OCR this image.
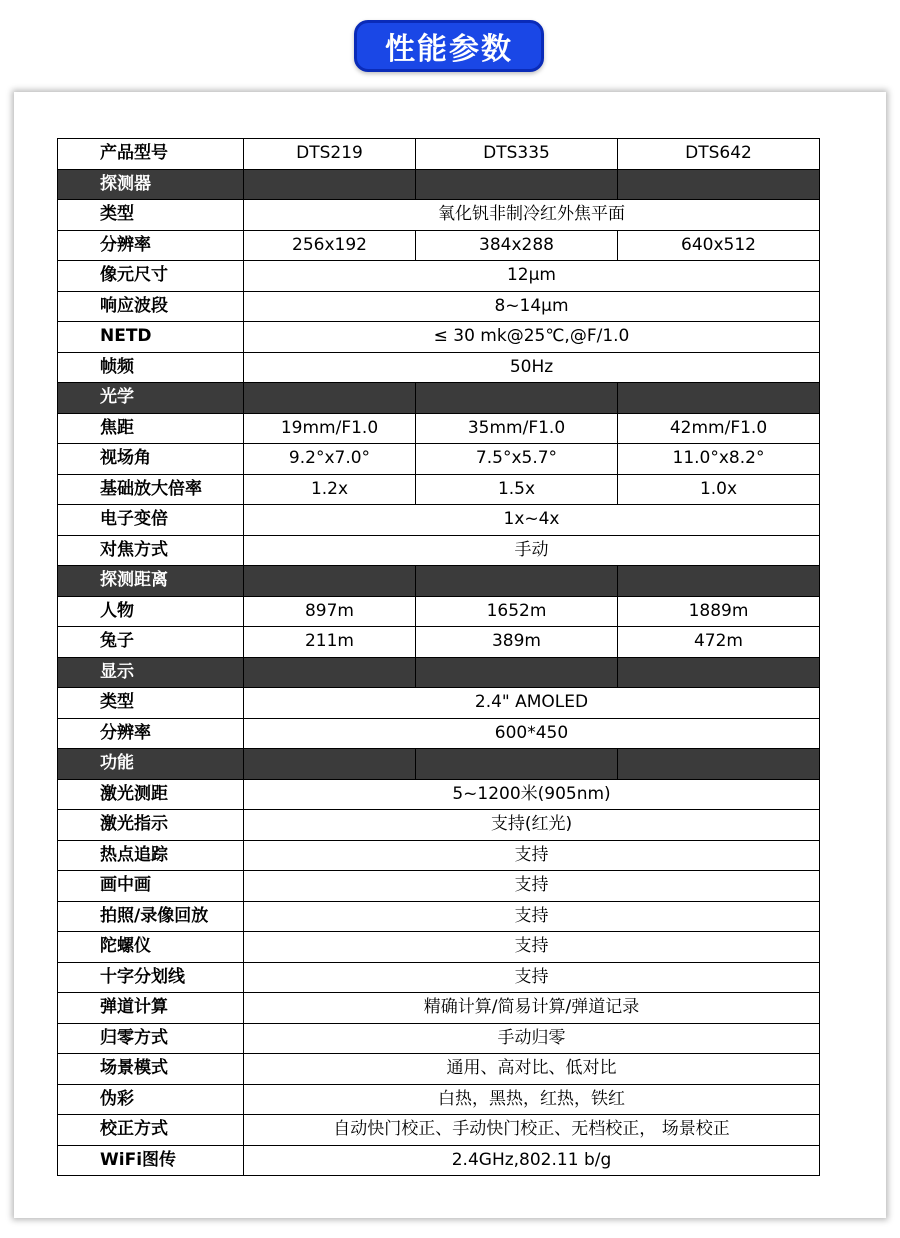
性能参数
产品型号	DTS219	DTS335	DTS642
探测器			
类型	氧化钒非制冷红外焦平面		
分辨率	256x192	384x288	640x512
像元尺寸	12μm		
响应波段	8~14μm		
NETD	≤ 30 mk@25℃,@F/1.0		
帧频	50Hz		
光学			
焦距	19mm/F1.0	35mm/F1.0	42mm/F1.0
视场角	9.2°x7.0°	7.5°x5.7°	11.0°x8.2°
基础放大倍率	1.2x	1.5x	1.0x
电子变倍	1x~4x		
对焦方式	手动		
探测距离			
人物	897m	1652m	1889m
兔子	211m	389m	472m
显示			
类型	2.4" AMOLED		
分辨率	600*450		
功能			
激光测距	5~1200米(905nm)		
激光指示	支持(红光)		
热点追踪	支持		
画中画	支持		
拍照/录像回放	支持		
陀螺仪	支持		
十字分划线	支持		
弹道计算	精确计算/简易计算/弹道记录		
归零方式	手动归零		
场景模式	通用、高对比、低对比		
伪彩	白热，黑热，红热，铁红		
校正方式	自动快门校正、手动快门校正、无档校正， 场景校正		
WiFi图传	2.4GHz,802.11 b/g		
